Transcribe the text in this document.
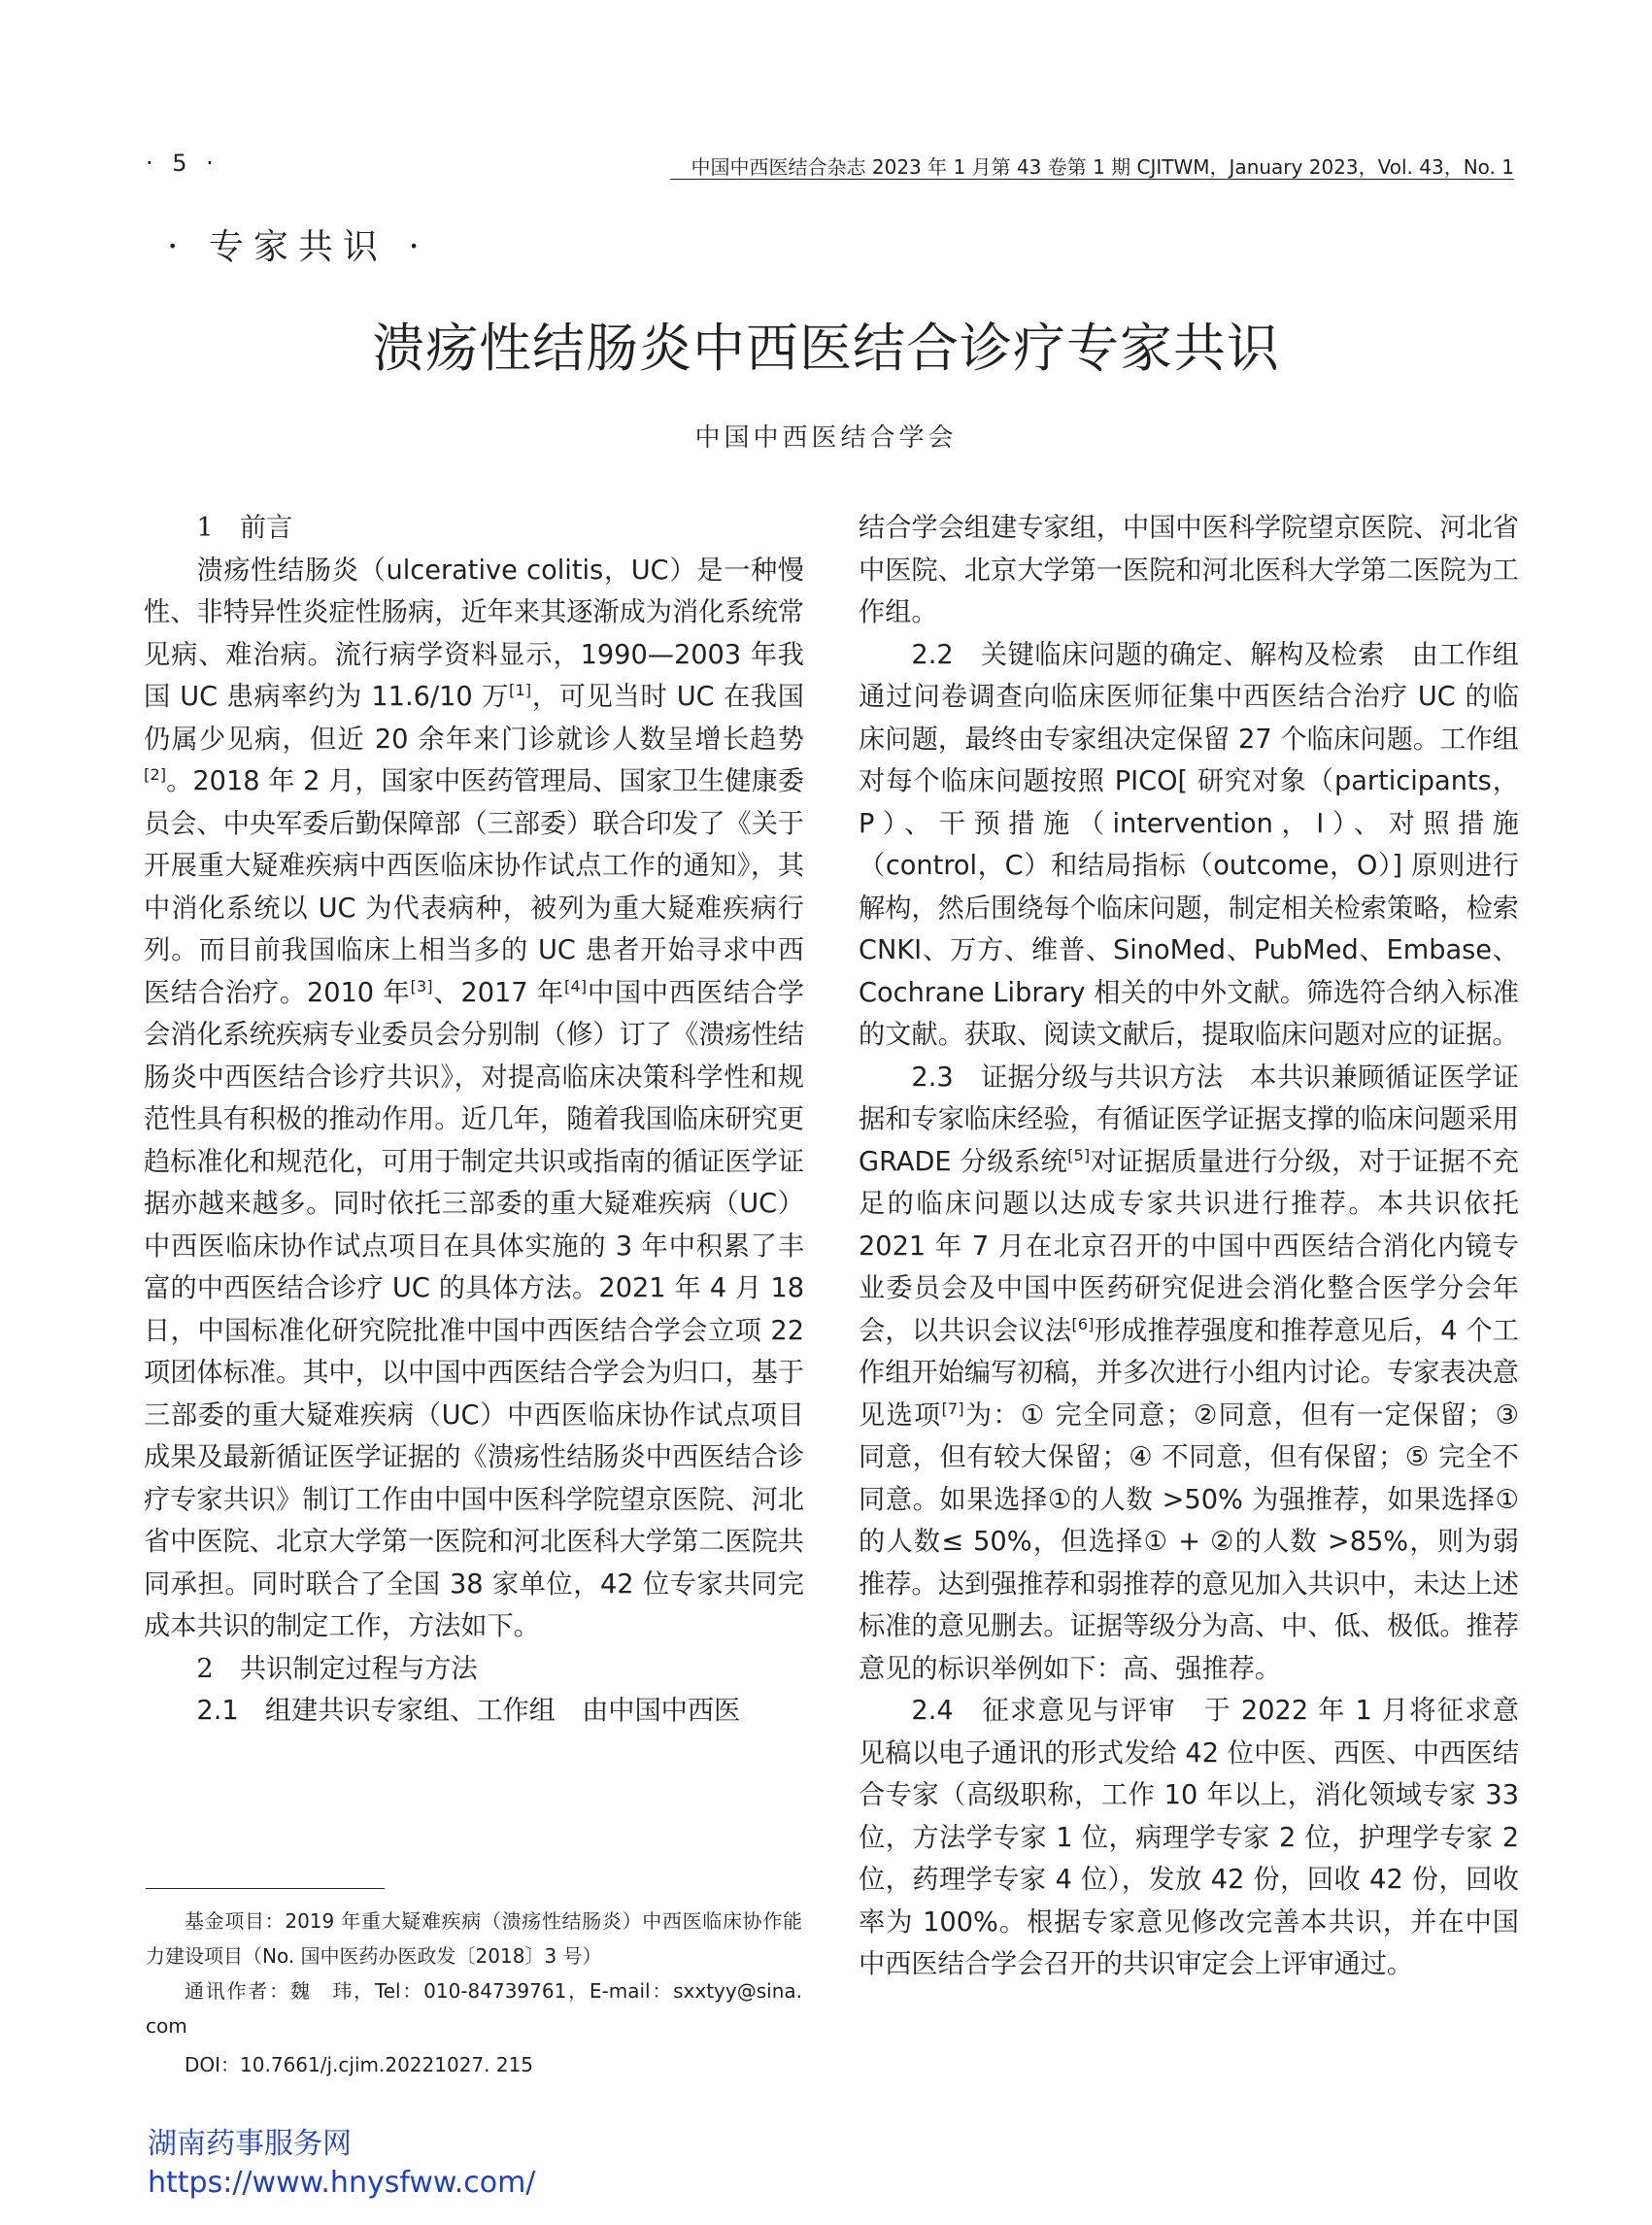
· 5 ·	中国中西医结合杂志 2023 年 1 月第 43 卷第 1 期 CJITWM，January 2023，Vol. 43，No. 1
· 专家共识 ·
溃疡性结肠炎中西医结合诊疗专家共识
中国中西医结合学会

1　前言

溃疡性结肠炎（ulcerative colitis，UC）是一种慢性、非特异性炎症性肠病，近年来其逐渐成为消化系统常见病、难治病。流行病学资料显示，1990—2003 年我国 UC 患病率约为 11.6/10 万[1]，可见当时 UC 在我国仍属少见病，但近 20 余年来门诊就诊人数呈增长趋势[2]。2018 年 2 月，国家中医药管理局、国家卫生健康委员会、中央军委后勤保障部（三部委）联合印发了《关于开展重大疑难疾病中西医临床协作试点工作的通知》，其中消化系统以 UC 为代表病种，被列为重大疑难疾病行列。而目前我国临床上相当多的 UC 患者开始寻求中西医结合治疗。2010 年[3]、2017 年[4]中国中西医结合学会消化系统疾病专业委员会分别制（修）订了《溃疡性结肠炎中西医结合诊疗共识》，对提高临床决策科学性和规范性具有积极的推动作用。近几年，随着我国临床研究更趋标准化和规范化，可用于制定共识或指南的循证医学证据亦越来越多。同时依托三部委的重大疑难疾病（UC）中西医临床协作试点项目在具体实施的 3 年中积累了丰富的中西医结合诊疗 UC 的具体方法。2021 年 4 月 18 日，中国标准化研究院批准中国中西医结合学会立项 22 项团体标准。其中，以中国中西医结合学会为归口，基于三部委的重大疑难疾病（UC）中西医临床协作试点项目成果及最新循证医学证据的《溃疡性结肠炎中西医结合诊疗专家共识》制订工作由中国中医科学院望京医院、河北省中医院、北京大学第一医院和河北医科大学第二医院共同承担。同时联合了全国 38 家单位，42 位专家共同完成本共识的制定工作，方法如下。

2　共识制定过程与方法

2.1　组建共识专家组、工作组　由中国中西医

结合学会组建专家组，中国中医科学院望京医院、河北省中医院、北京大学第一医院和河北医科大学第二医院为工作组。

2.2　关键临床问题的确定、解构及检索　由工作组通过问卷调查向临床医师征集中西医结合治疗 UC 的临床问题，最终由专家组决定保留 27 个临床问题。工作组对每个临床问题按照 PICO[ 研究对象（participants，P）、干预措施（intervention，I）、对照措施（control，C）和结局指标（outcome，O）] 原则进行解构，然后围绕每个临床问题，制定相关检索策略，检索 CNKI、万方、维普、SinoMed、PubMed、Embase、Cochrane Library 相关的中外文献。筛选符合纳入标准的文献。获取、阅读文献后，提取临床问题对应的证据。

2.3　证据分级与共识方法　本共识兼顾循证医学证据和专家临床经验，有循证医学证据支撑的临床问题采用 GRADE 分级系统[5]对证据质量进行分级，对于证据不充足的临床问题以达成专家共识进行推荐。本共识依托 2021 年 7 月在北京召开的中国中西医结合消化内镜专业委员会及中国中医药研究促进会消化整合医学分会年会，以共识会议法[6]形成推荐强度和推荐意见后，4 个工作组开始编写初稿，并多次进行小组内讨论。专家表决意见选项[7]为：① 完全同意；②同意，但有一定保留；③ 同意，但有较大保留；④ 不同意，但有保留；⑤ 完全不同意。如果选择①的人数 >50% 为强推荐，如果选择①的人数≤ 50%，但选择① + ②的人数 >85%，则为弱推荐。达到强推荐和弱推荐的意见加入共识中，未达上述标准的意见删去。证据等级分为高、中、低、极低。推荐意见的标识举例如下：高、强推荐。

2.4　征求意见与评审　于 2022 年 1 月将征求意见稿以电子通讯的形式发给 42 位中医、西医、中西医结合专家（高级职称，工作 10 年以上，消化领域专家 33 位，方法学专家 1 位，病理学专家 2 位，护理学专家 2 位，药理学专家 4 位），发放 42 份，回收 42 份，回收率为 100%。根据专家意见修改完善本共识，并在中国中西医结合学会召开的共识审定会上评审通过。

基金项目：2019 年重大疑难疾病（溃疡性结肠炎）中西医临床协作能力建设项目（No. 国中医药办医政发〔2018〕3 号）

通讯作者：魏　玮，Tel：010-84739761，E-mail：sxxtyy@sina. com

DOI：10.7661/j.cjim.20221027. 215

湖南药事服务网
https://www.hnysfww.com/
